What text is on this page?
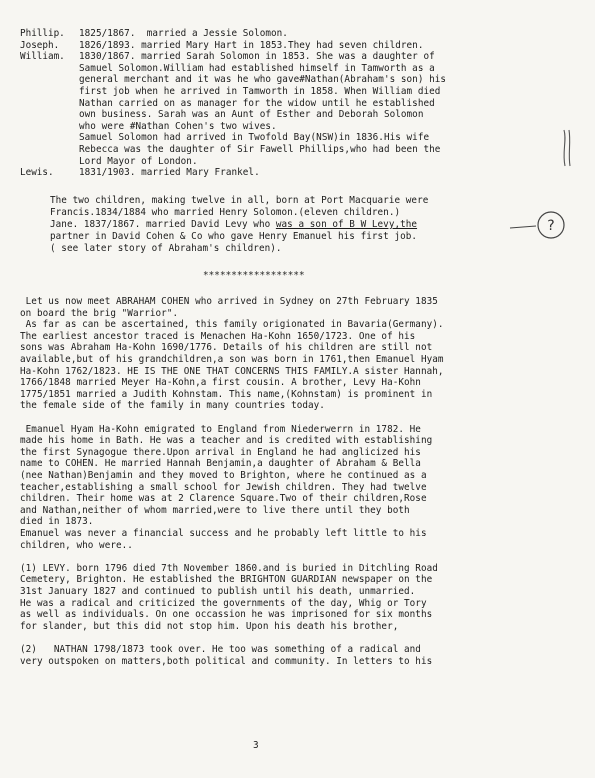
Phillip. 1825/1867.  married a Jessie Solomon.
Joseph. 1826/1893. married Mary Hart in 1853.They had seven children.
William. 1830/1867. married Sarah Solomon in 1853. She was a daughter of
Samuel Solomon.William had established himself in Tamworth as a
general merchant and it was he who gave#Nathan(Abraham's son) his
first job when he arrived in Tamworth in 1858. When William died
Nathan carried on as manager for the widow until he established
own business. Sarah was an Aunt of Esther and Deborah Solomon
who were #Nathan Cohen's two wives.
Samuel Solomon had arrived in Twofold Bay(NSW)in 1836.His wife
Rebecca was the daughter of Sir Fawell Phillips,who had been the
Lord Mayor of London.
Lewis.	1831/1903. married Mary Frankel.
The two children, making twelve in all, born at Port Macquarie were
Francis.1834/1884 who married Henry Solomon.(eleven children.)
Jane. 1837/1867. married David Levy who was a son of B W Levy,the
partner in David Cohen & Co who gave Henry Emanuel his first job.
( see later story of Abraham's children).
?
******************
Let us now meet ABRAHAM COHEN who arrived in Sydney on 27th February 1835
on board the brig "Warrior".
As far as can be ascertained, this family origionated in Bavaria(Germany).
The earliest ancestor traced is Menachen Ha-Kohn 1650/1723. One of his
sons was Abraham Ha-Kohn 1690/1776. Details of his children are still not
available,but of his grandchildren,a son was born in 1761,then Emanuel Hyam
Ha-Kohn 1762/1823. HE IS THE ONE THAT CONCERNS THIS FAMILY.A sister Hannah,
1766/1848 married Meyer Ha-Kohn,a first cousin. A brother, Levy Ha-Kohn
1775/1851 married a Judith Kohnstam. This name,(Kohnstam) is prominent in
the female side of the family in many countries today.
Emanuel Hyam Ha-Kohn emigrated to England from Niederwerrn in 1782. He
made his home in Bath. He was a teacher and is credited with establishing
the first Synagogue there.Upon arrival in England he had anglicized his
name to COHEN. He married Hannah Benjamin,a daughter of Abraham & Bella
(nee Nathan)Benjamin and they moved to Brighton, where he continued as a
teacher,establishing a small school for Jewish children. They had twelve
children. Their home was at 2 Clarence Square.Two of their children,Rose
and Nathan,neither of whom married,were to live there until they both
died in 1873.
Emanuel was never a financial success and he probably left little to his
children, who were..
(1) LEVY. born 1796 died 7th November 1860.and is buried in Ditchling Road
Cemetery, Brighton. He established the BRIGHTON GUARDIAN newspaper on the
31st January 1827 and continued to publish until his death, unmarried.
He was a radical and criticized the governments of the day, Whig or Tory
as well as individuals. On one occassion he was imprisoned for six months
for slander, but this did not stop him. Upon his death his brother,
(2)   NATHAN 1798/1873 took over. He too was something of a radical and
very outspoken on matters,both political and community. In letters to his
3
